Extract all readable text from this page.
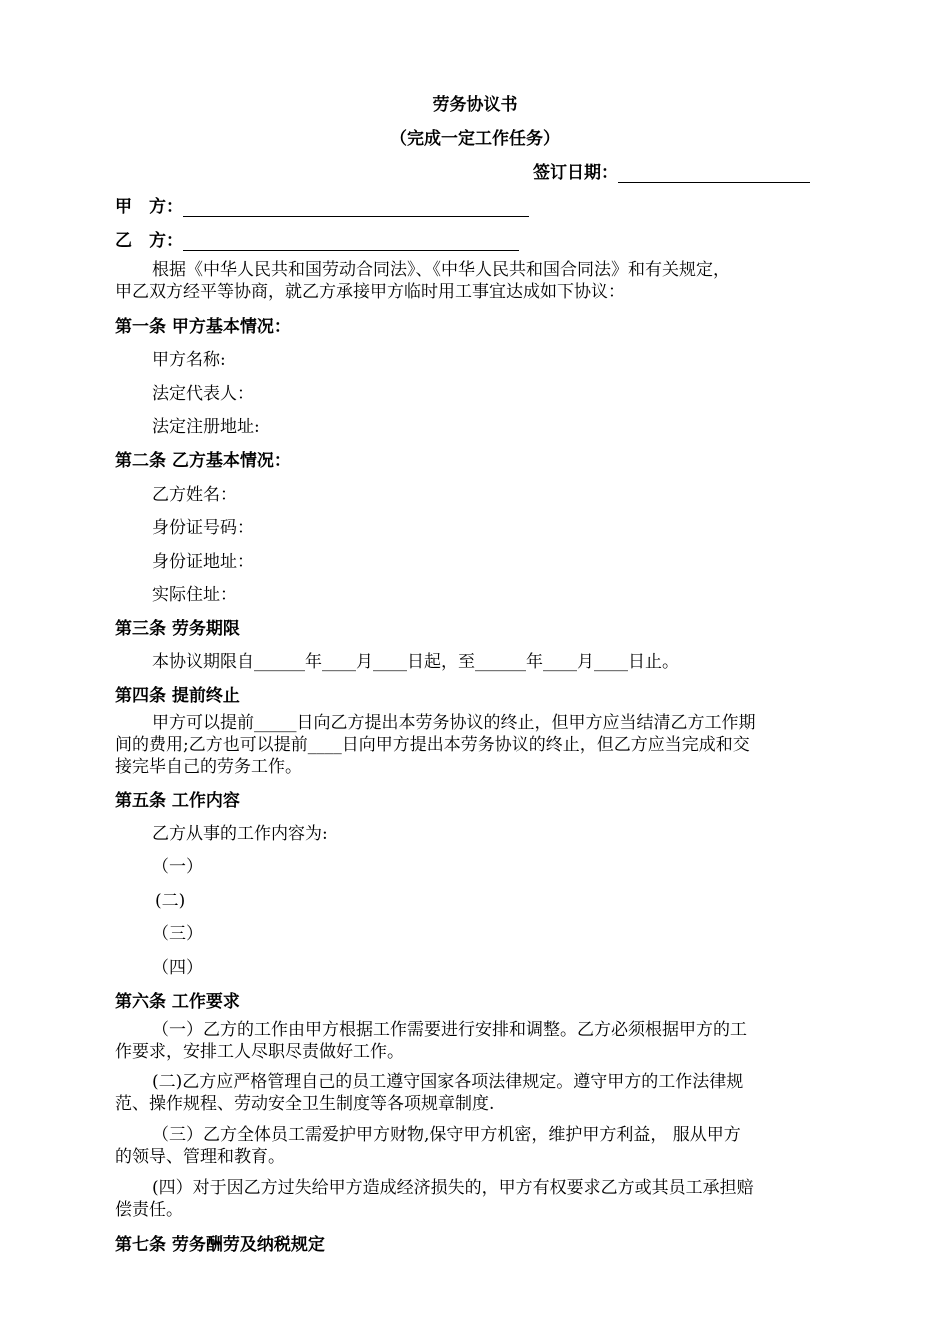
劳务协议书
（完成一定工作任务）
签订日期：
甲　方：
乙　方：
根据《中华人民共和国劳动合同法》、《中华人民共和国合同法》和有关规定，
甲乙双方经平等协商，就乙方承接甲方临时用工事宜达成如下协议：
第一条 甲方基本情况：
甲方名称:
法定代表人：
法定注册地址:
第二条 乙方基本情况：
乙方姓名：
身份证号码：
身份证地址：
实际住址：
第三条 劳务期限
本协议期限自______年____月____日起，至______年____月____日止。
第四条 提前终止
甲方可以提前_____日向乙方提出本劳务协议的终止，但甲方应当结清乙方工作期
间的费用;乙方也可以提前____日向甲方提出本劳务协议的终止，但乙方应当完成和交
接完毕自己的劳务工作。
第五条 工作内容
乙方从事的工作内容为:
（一）
(二)
（三）
（四）
第六条 工作要求
（一）乙方的工作由甲方根据工作需要进行安排和调整。乙方必须根据甲方的工
作要求，安排工人尽职尽责做好工作。
(二)乙方应严格管理自己的员工遵守国家各项法律规定。遵守甲方的工作法律规
范、操作规程、劳动安全卫生制度等各项规章制度.
（三）乙方全体员工需爱护甲方财物,保守甲方机密，维护甲方利益， 服从甲方
的领导、管理和教育。
(四）对于因乙方过失给甲方造成经济损失的，甲方有权要求乙方或其员工承担赔
偿责任。
第七条 劳务酬劳及纳税规定
